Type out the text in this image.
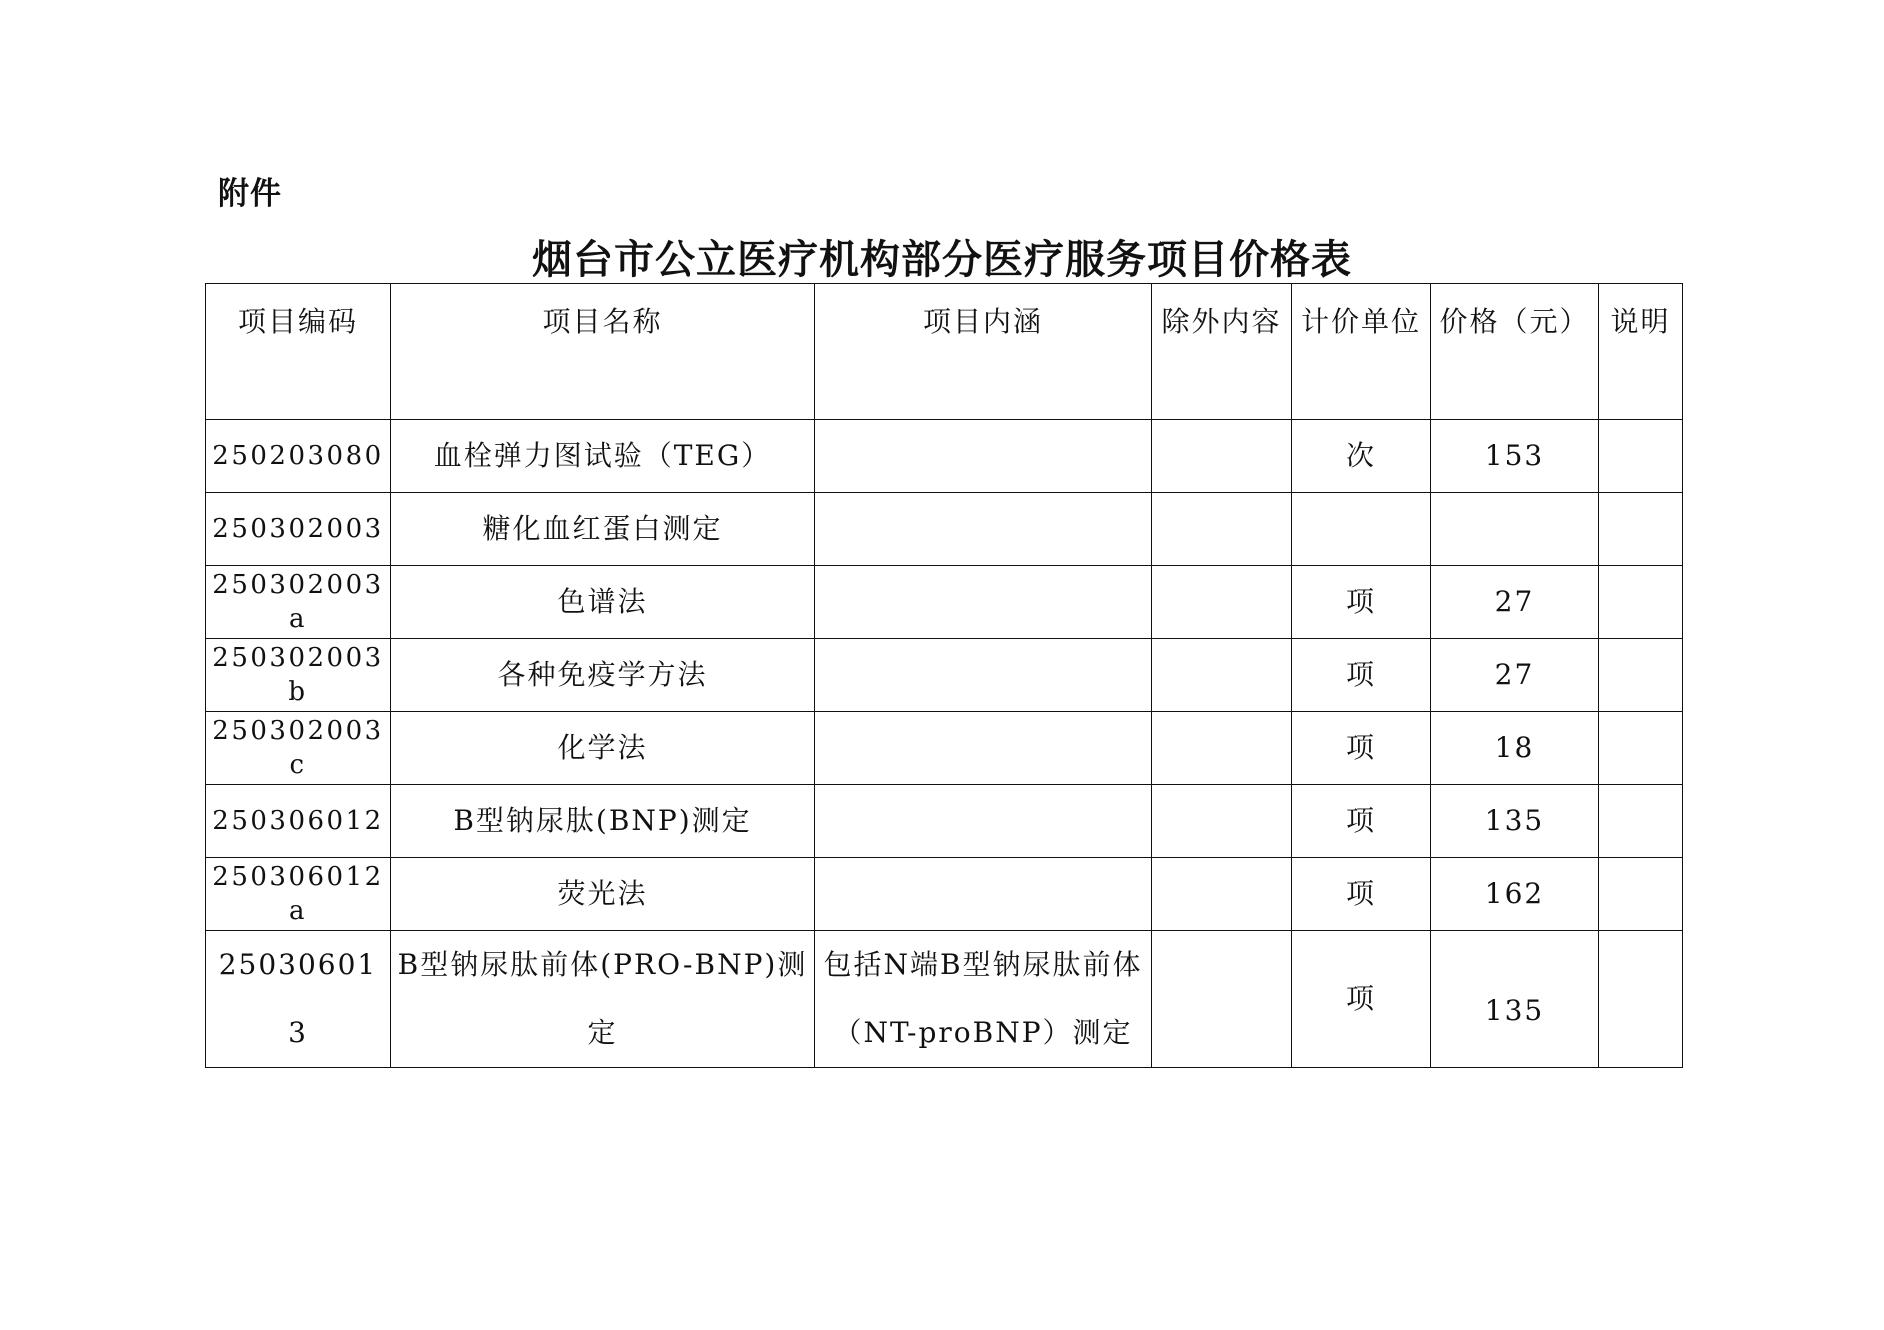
附件
烟台市公立医疗机构部分医疗服务项目价格表
项目编码	项目名称	项目内涵	除外内容	计价单位	价格（元）	说明
250203080	血栓弹力图试验（TEG）			次	153	
250302003	糖化血红蛋白测定					
250302003a	色谱法			项	27	
250302003b	各种免疫学方法			项	27	
250302003c	化学法			项	18	
250306012	B型钠尿肽(BNP)测定			项	135	
250306012a	荧光法			项	162	
250306013	B型钠尿肽前体(PRO-BNP)测定	包括N端B型钠尿肽前体（NT-proBNP）测定		项	135	
